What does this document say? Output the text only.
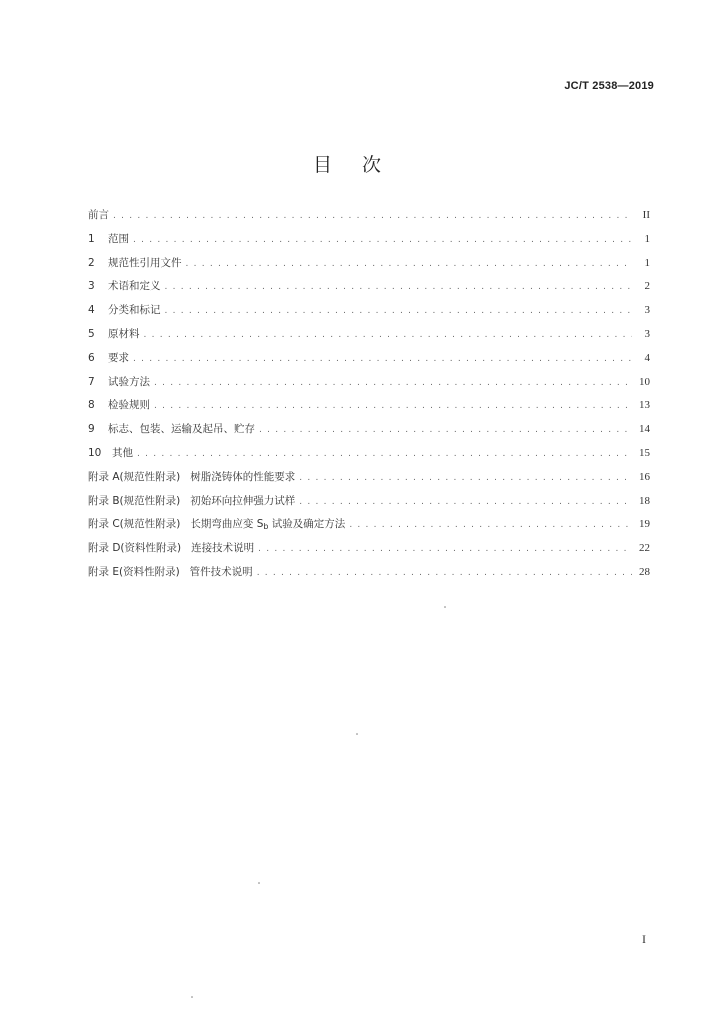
JC/T 2538—2019
目次
前言 . . .	II
1	范围 . . .	1
2	规范性引用文件 . . .	1
3	术语和定义 . . .	2
4	分类和标记 . . .	3
5	原材料 . . .	3
6	要求 . . .	4
7	试验方法 . . .	10
8	检验规则 . . .	13
9	标志、包装、运输及起吊、贮存 . . .	14
10	其他 . . .	15
附录 A(规范性附录)   树脂浇铸体的性能要求 . . .	16
附录 B(规范性附录)   初始环向拉伸强力试样 . . .	18
附录 C(规范性附录)   长期弯曲应变 $S_b$ 试验及确定方法 . . .	19
附录 D(资料性附录)   连接技术说明 . . .	22
附录 E(资料性附录)   管件技术说明 . . .	28
I
